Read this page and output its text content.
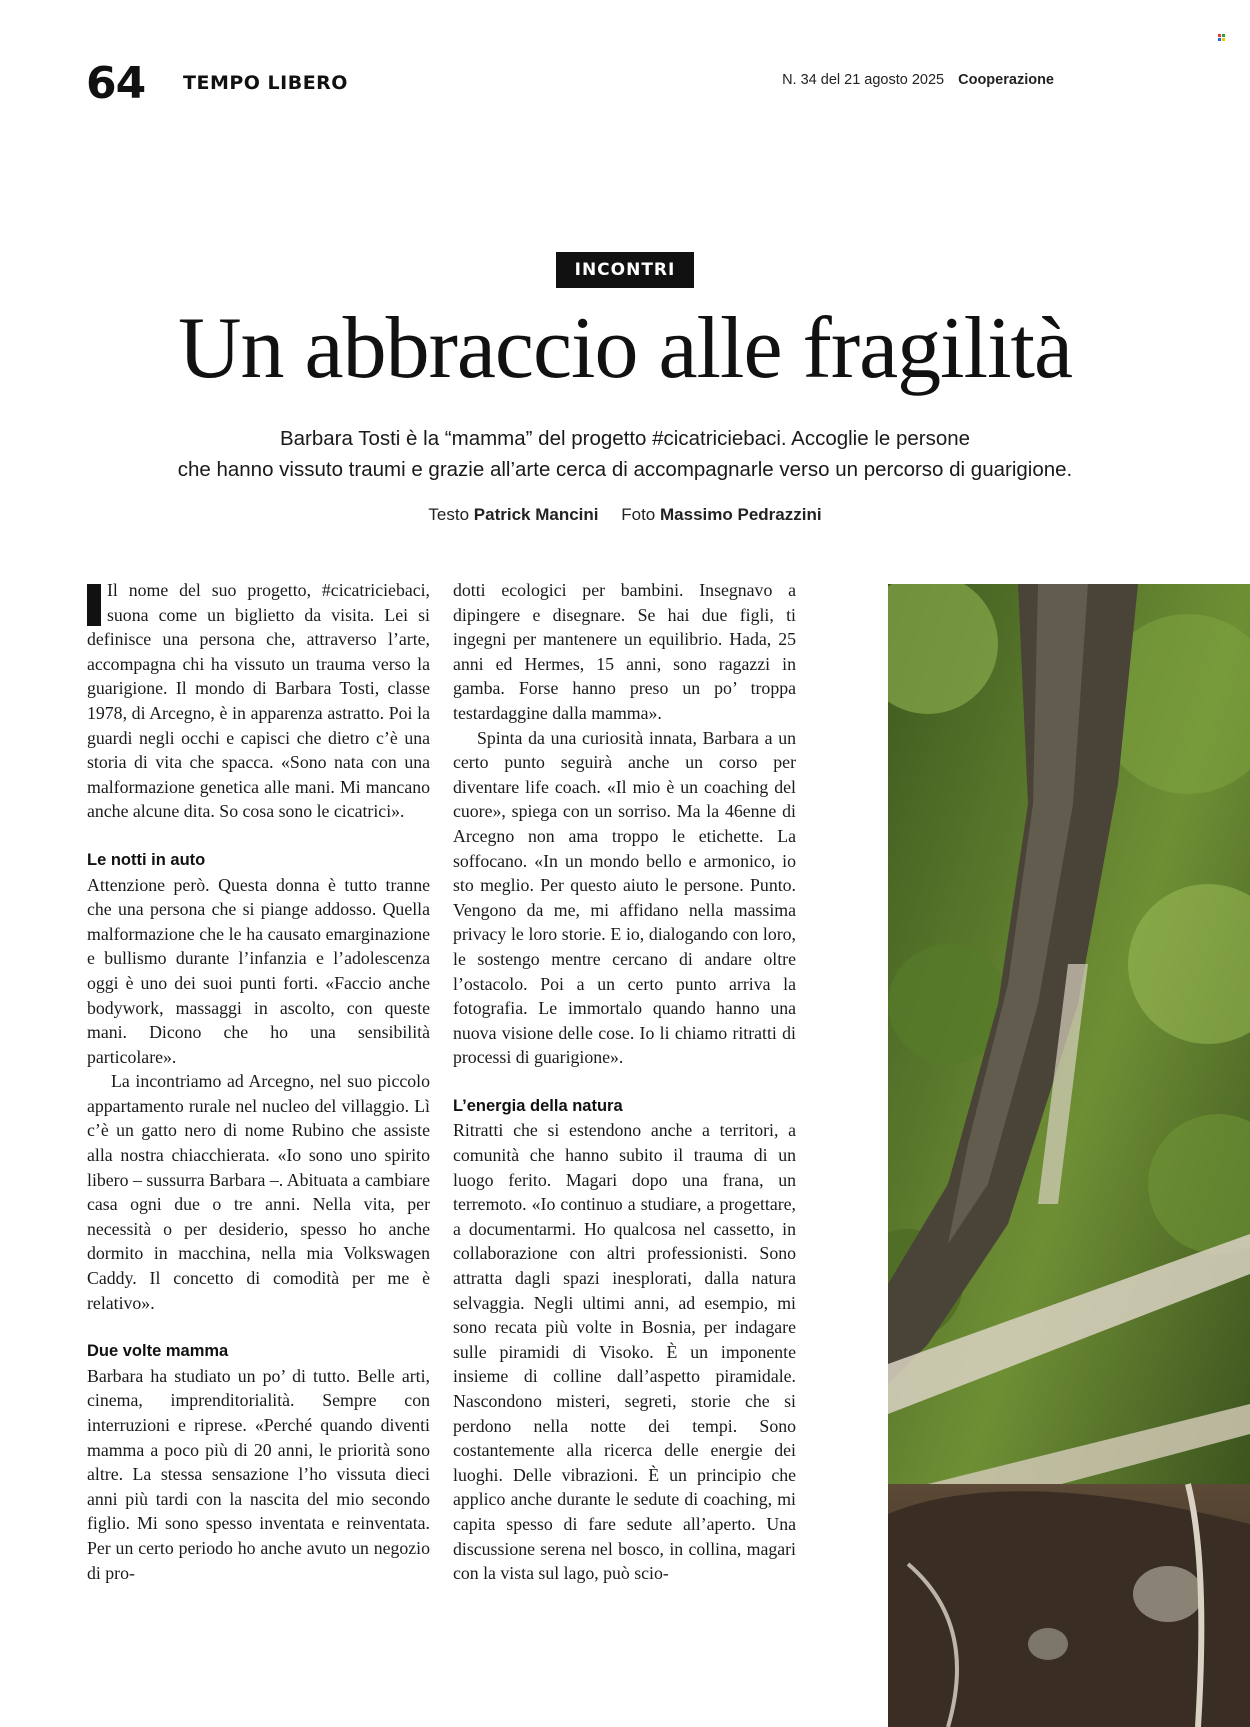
64 TEMPO LIBERO	N. 34 del 21 agosto 2025 Cooperazione
INCONTRI
Un abbraccio alle fragilità
Barbara Tosti è la “mamma” del progetto #cicatriciebaci. Accoglie le persone
che hanno vissuto traumi e grazie all’arte cerca di accompagnarle verso un percorso di guarigione.
Testo Patrick Mancini Foto Massimo Pedrazzini

Il nome del suo progetto, #cicatriciebaci, suona come un biglietto da visita. Lei si definisce una persona che, attraverso l’arte, accompagna chi ha vissuto un trauma verso la guarigione. Il mondo di Barbara Tosti, classe 1978, di Arcegno, è in apparenza astratto. Poi la guardi negli occhi e capisci che dietro c’è una storia di vita che spacca. «Sono nata con una malformazione genetica alle mani. Mi mancano anche alcune dita. So cosa sono le cicatrici».

Le notti in auto

Attenzione però. Questa donna è tutto tranne che una persona che si piange addosso. Quella malformazione che le ha causato emarginazione e bullismo durante l’infanzia e l’adolescenza oggi è uno dei suoi punti forti. «Faccio anche bodywork, massaggi in ascolto, con queste mani. Dicono che ho una sensibilità particolare».

La incontriamo ad Arcegno, nel suo piccolo appartamento rurale nel nucleo del villaggio. Lì c’è un gatto nero di nome Rubino che assiste alla nostra chiacchierata. «Io sono uno spirito libero – sussurra Barbara –. Abituata a cambiare casa ogni due o tre anni. Nella vita, per necessità o per desiderio, spesso ho anche dormito in macchina, nella mia Volkswagen Caddy. Il concetto di comodità per me è relativo».

Due volte mamma

Barbara ha studiato un po’ di tutto. Belle arti, cinema, imprenditorialità. Sempre con interruzioni e riprese. «Perché quando diventi mamma a poco più di 20 anni, le priorità sono altre. La stessa sensazione l’ho vissuta dieci anni più tardi con la nascita del mio secondo figlio. Mi sono spesso inventata e reinventata. Per un certo periodo ho anche avuto un negozio di pro-

dotti ecologici per bambini. Insegnavo a dipingere e disegnare. Se hai due figli, ti ingegni per mantenere un equilibrio. Hada, 25 anni ed Hermes, 15 anni, sono ragazzi in gamba. Forse hanno preso un po’ troppa testardaggine dalla mamma».

Spinta da una curiosità innata, Barbara a un certo punto seguirà anche un corso per diventare life coach. «Il mio è un coaching del cuore», spiega con un sorriso. Ma la 46enne di Arcegno non ama troppo le etichette. La soffocano. «In un mondo bello e armonico, io sto meglio. Per questo aiuto le persone. Punto. Vengono da me, mi affidano nella massima privacy le loro storie. E io, dialogando con loro, le sostengo mentre cercano di andare oltre l’ostacolo. Poi a un certo punto arriva la fotografia. Le immortalo quando hanno una nuova visione delle cose. Io li chiamo ritratti di processi di guarigione».

L’energia della natura

Ritratti che si estendono anche a territori, a comunità che hanno subito il trauma di un luogo ferito. Magari dopo una frana, un terremoto. «Io continuo a studiare, a progettare, a documentarmi. Ho qualcosa nel cassetto, in collaborazione con altri professionisti. Sono attratta dagli spazi inesplorati, dalla natura selvaggia. Negli ultimi anni, ad esempio, mi sono recata più volte in Bosnia, per indagare sulle piramidi di Visoko. È un imponente insieme di colline dall’aspetto piramidale. Nascondono misteri, segreti, storie che si perdono nella notte dei tempi. Sono costantemente alla ricerca delle energie dei luoghi. Delle vibrazioni. È un principio che applico anche durante le sedute di coaching, mi capita spesso di fare sedute all’aperto. Una discussione serena nel bosco, in collina, magari con la vista sul lago, può scio-
